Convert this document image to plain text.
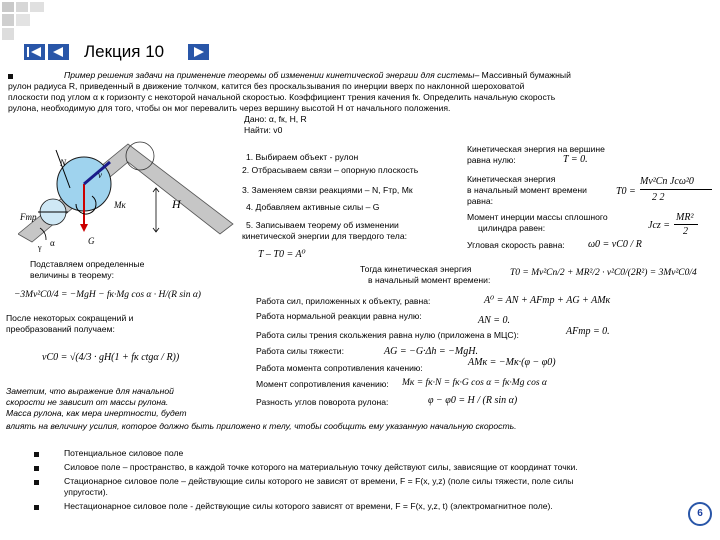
Лекция 10
Пример решения задачи на применение теоремы об изменении кинетической энергии для системы– Массивный бумажный
рулон радиуса R, приведенный в движение толчком, катится без проскальзывания по инерции вверх по наклонной шероховатой
плоскости под углом α к горизонту с некоторой начальной скоростью. Коэффициент трения качения fк. Определить начальную скорость
рулона, необходимую для того, чтобы он мог перевалить через вершину высотой H от начального положения.
Дано: α, fк, H, R
Найти: v0
N
v
Mк
Fтр
H
G
α
γ
1. Выбираем объект - рулон
2. Отбрасываем связи – опорную плоскость
3. Заменяем связи реакциями – N, Fтр, Mк
4. Добавляем активные силы – G
5. Записываем теорему об изменении
кинетической энергии для твердого тела:
T – T0 = A⁰
Кинетическая энергия на вершине
равна нулю:	T = 0.
Кинетическая энергия
в начальный момент времени
равна:
Mv²Сп Jсω²0
T0 =
2 2
Момент инерции массы сплошного
цилиндра равен:
MR²
Jсz =
2
Угловая скорость равна: ω0 = vС0 / R
Тогда кинетическая энергия
в начальный момент времени:
T0 = Mv²Сп/2 + MR²/2 · v²С0/(2R²) = 3Mv²С0/4
Подставляем определенные
величины в теорему:
−3Mv²С0/4 = −MgH − fк·Mg cos α · H/(R sin α)
После некоторых сокращений и
преобразований получаем:
vС0 = √(4/3 · gH(1 + fк ctgα / R))
Работа сил, приложенных к объекту, равна:	A⁰ = AN + AFтр + AG + AMк
Работа нормальной реакции равна нулю:	AN = 0.
Работа силы трения скольжения равна нулю (приложена в МЦС):	AFтр = 0.
Работа силы тяжести:	AG = −G·Δh = −MgH.
Работа момента сопротивления качению:	AMк = −Mк·(φ − φ0)
Момент сопротивления качению: Mк = fк·N = fк·G cos α = fк·Mg cos α
Разность углов поворота рулона:	φ − φ0 = H / (R sin α)
Заметим, что выражение для начальной
скорости не зависит от массы рулона.
Масса рулона, как мера инертности, будет
влиять на величину усилия, которое должно быть приложено к телу, чтобы сообщить ему указанную начальную скорость.
Потенциальное силовое поле
Силовое поле – пространство, в каждой точке которого на материальную точку действуют силы, зависящие от координат точки.
Стационарное силовое поле – действующие силы которого не зависят от времени, F = F(x, y,z) (поле силы тяжести, поле силы
упругости).
Нестационарное силовое поле - действующие силы которого зависят от времени, F = F(x, y,z, t) (электромагнитное поле).
6
